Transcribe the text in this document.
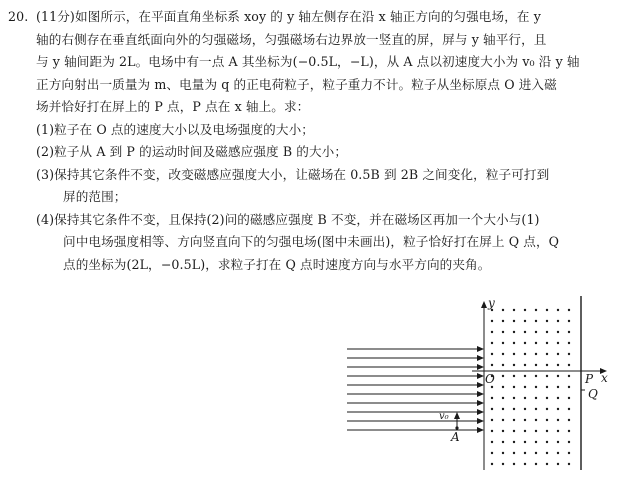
20. (11分)如图所示，在平面直角坐标系 xoy 的 y 轴左侧存在沿 x 轴正方向的匀强电场，在 y
轴的右侧存在垂直纸面向外的匀强磁场，匀强磁场右边界放一竖直的屏，屏与 y 轴平行，且
与 y 轴间距为 2L。电场中有一点 A 其坐标为(−0.5L，−L)，从 A 点以初速度大小为 v₀ 沿 y 轴
正方向射出一质量为 m、电量为 q 的正电荷粒子，粒子重力不计。粒子从坐标原点 O 进入磁
场并恰好打在屏上的 P 点，P 点在 x 轴上。求：
(1)粒子在 O 点的速度大小以及电场强度的大小；
(2)粒子从 A 到 P 的运动时间及磁感应强度 B 的大小；
(3)保持其它条件不变，改变磁感应强度大小，让磁场在 0.5B 到 2B 之间变化，粒子可打到
屏的范围；
(4)保持其它条件不变，且保持(2)问的磁感应强度 B 不变，并在磁场区再加一个大小与(1)
问中电场强度相等、方向竖直向下的匀强电场(图中未画出)，粒子恰好打在屏上 Q 点，Q
点的坐标为(2L，−0.5L)，求粒子打在 Q 点时速度方向与水平方向的夹角。
y
x
O	P
Q
A
v₀
